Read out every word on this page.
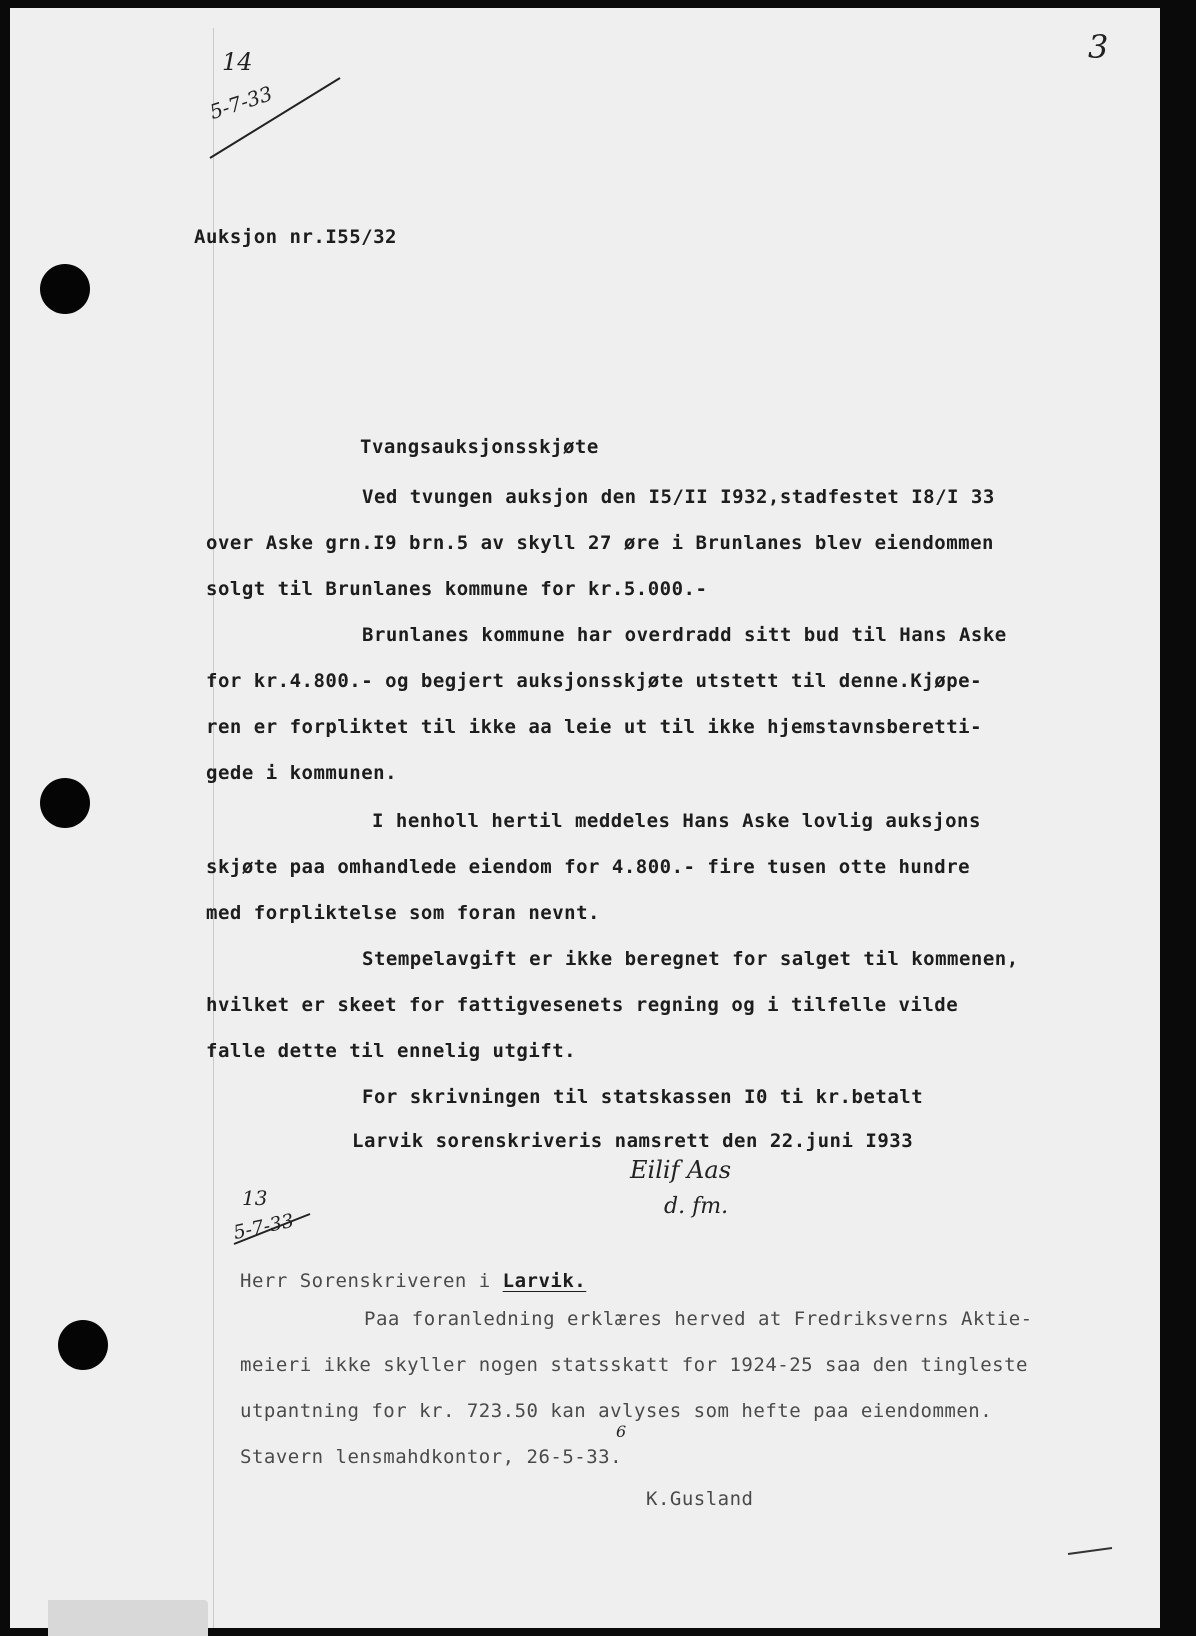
3
14
5-7-33
Auksjon nr.I55/32
Tvangsauksjonsskjøte
Ved tvungen auksjon den I5/II I932,stadfestet I8/I 33
over Aske grn.I9 brn.5 av skyll 27 øre i Brunlanes blev eiendommen
solgt til Brunlanes kommune for kr.5.000.-
Brunlanes kommune har overdradd sitt bud til Hans Aske
for kr.4.800.- og begjert auksjonsskjøte utstett til denne.Kjøpe-
ren er forpliktet til ikke aa leie ut til ikke hjemstavnsberetti-
gede i kommunen.
I henholl hertil meddeles Hans Aske lovlig auksjons
skjøte paa omhandlede eiendom for 4.800.- fire tusen otte hundre
med forpliktelse som foran nevnt.
Stempelavgift er ikke beregnet for salget til kommenen,
hvilket er skeet for fattigvesenets regning og i tilfelle vilde
falle dette til ennelig utgift.
For skrivningen til statskassen I0 ti kr.betalt
Larvik sorenskriveris namsrett den 22.juni I933
Eilif Aas
d. fm.
13
5-7-33
Herr Sorenskriveren i Larvik.
Paa foranledning erklæres herved at Fredriksverns Aktie-
meieri ikke skyller nogen statsskatt for 1924-25 saa den tingleste
utpantning for kr. 723.50 kan avlyses som hefte paa eiendommen.
Stavern lensmahdkontor, 26-5-33.
6
K.Gusland
